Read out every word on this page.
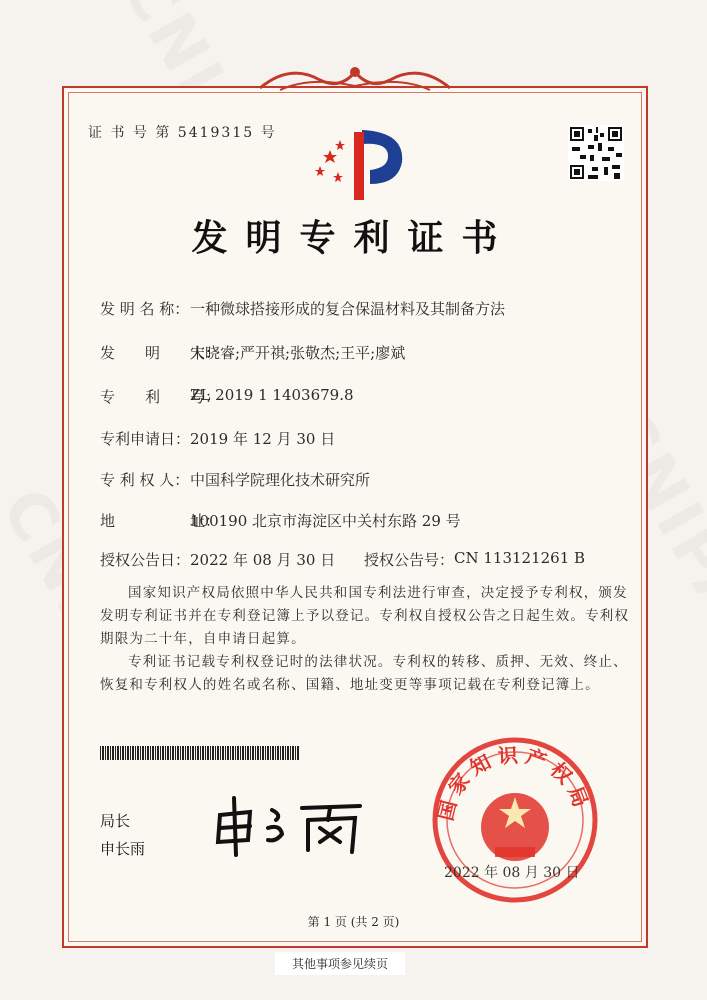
证 书 号 第 5419315 号
发明专利证书
发 明 名 称： 一种微球搭接形成的复合保温材料及其制备方法
发　　明　　人：
宋晓睿;严开祺;张敬杰;王平;廖斌
专　　利　　号：
ZL 2019 1 1403679.8
专利申请日： 2019 年 12 月 30 日
专 利 权 人： 中国科学院理化技术研究所
地　　　　　址：
100190 北京市海淀区中关村东路 29 号
授权公告日： 2022 年 08 月 30 日 授权公告号： CN 113121261 B
国家知识产权局依照中华人民共和国专利法进行审查，决定授予专利权，颁发发明专利证书并在专利登记簿上予以登记。专利权自授权公告之日起生效。专利权期限为二十年，自申请日起算。
专利证书记载专利权登记时的法律状况。专利权的转移、质押、无效、终止、恢复和专利权人的姓名或名称、国籍、地址变更等事项记载在专利登记簿上。
局长
申长雨
国家知识产权局
2022 年 08 月 30 日
第 1 页 (共 2 页)
其他事项参见续页
